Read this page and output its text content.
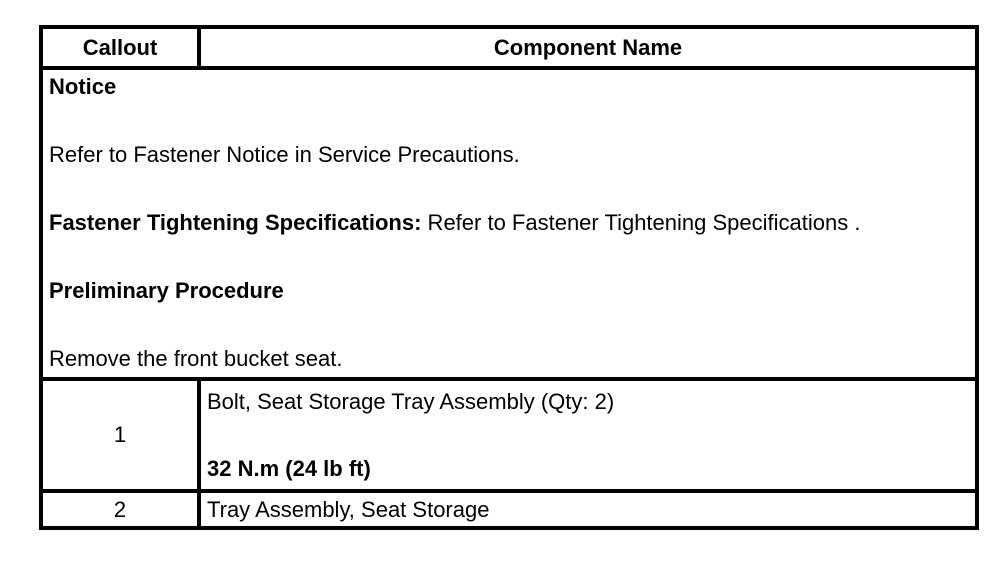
Callout	Component Name

Notice

Refer to Fastener Notice in Service Precautions.

Fastener Tightening Specifications: Refer to Fastener Tightening Specifications .

Preliminary Procedure

Remove the front bucket seat.	

1	Bolt, Seat Storage Tray Assembly (Qty: 2)

32 N.m (24 lb ft)

2	Tray Assembly, Seat Storage
